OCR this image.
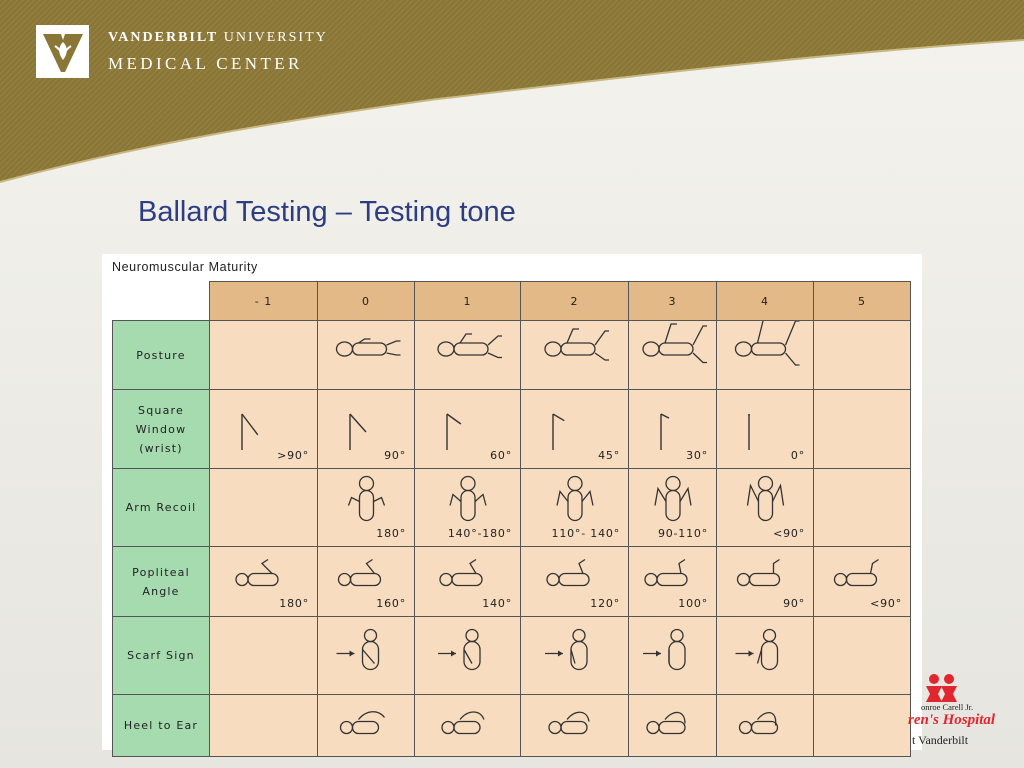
VANDERBILT UNIVERSITY
MEDICAL CENTER
Ballard Testing – Testing tone
Neuromuscular Maturity
	- 1	0	1	2	3	4	5

Posture

Square
Window
(wrist)	>90°	90°	60°	45°	30°	0°	

Arm Recoil		180°	140°-180°	110°- 140°	90-110°	<90°	

Popliteal
Angle	180°	160°	140°	120°	100°	90°	<90°

Scarf Sign

Heel to Ear

onroe Carell Jr.
ren's Hospital
t Vanderbilt
